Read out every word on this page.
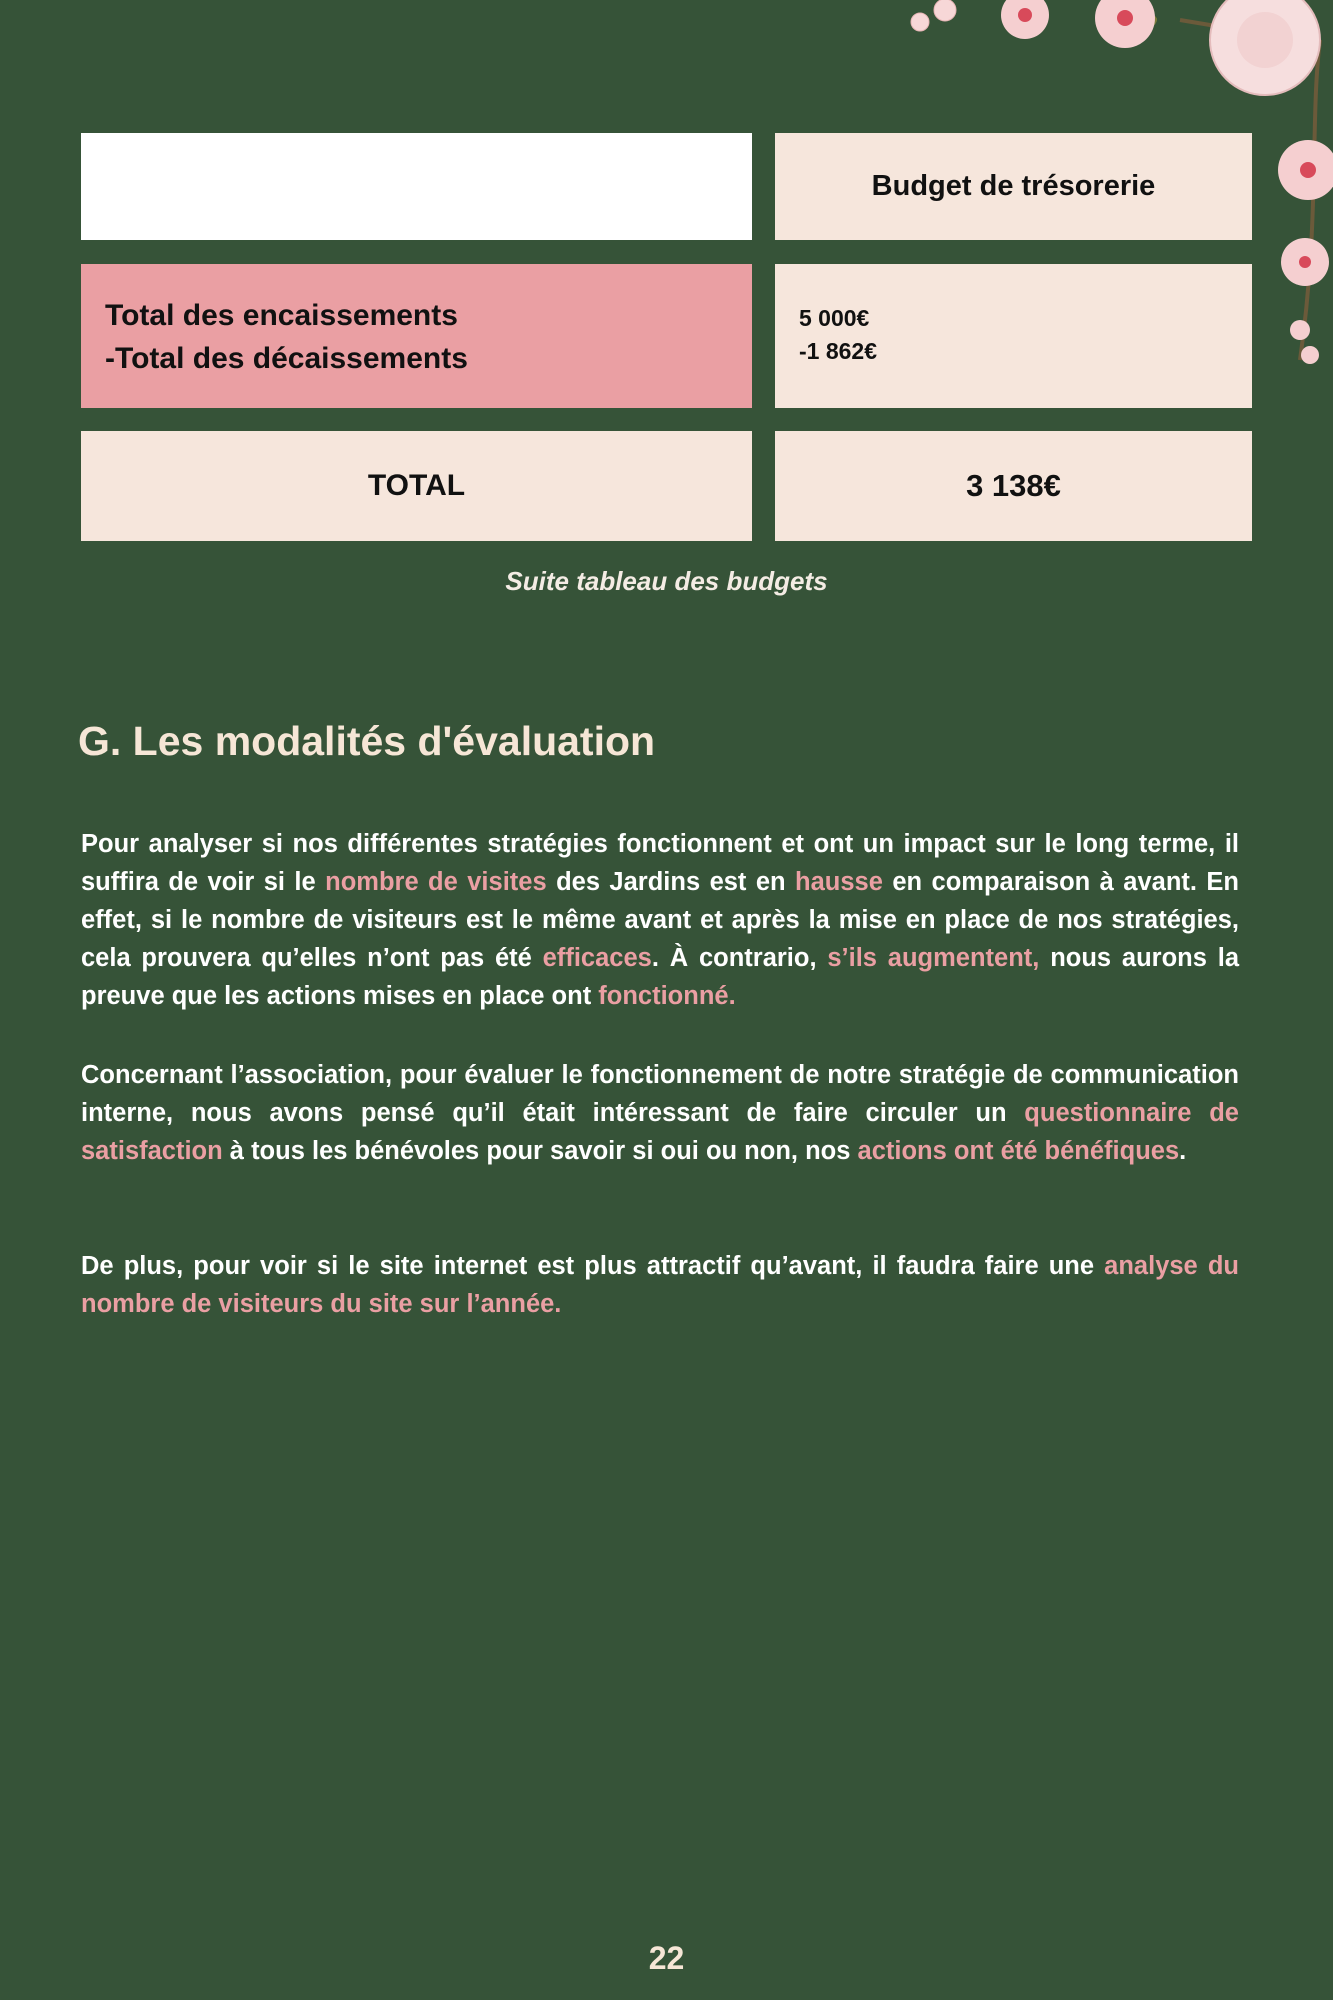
Budget de trésorerie
Total des encaissements
-Total des décaissements
5 000€
-1 862€
TOTAL	3 138€
Suite tableau des budgets
G. Les modalités d'évaluation

Pour analyser si nos différentes stratégies fonctionnent et ont un impact sur le long terme, il suffira de voir si le nombre de visites des Jardins est en hausse en comparaison à avant. En effet, si le nombre de visiteurs est le même avant et après la mise en place de nos stratégies, cela prouvera qu’elles n’ont pas été efficaces. À contrario, s’ils augmentent, nous aurons la preuve que les actions mises en place ont fonctionné.

Concernant l’association, pour évaluer le fonctionnement de notre stratégie de communication interne, nous avons pensé qu’il était intéressant de faire circuler un questionnaire de satisfaction à tous les bénévoles pour savoir si oui ou non, nos actions ont été bénéfiques.

De plus, pour voir si le site internet est plus attractif qu’avant, il faudra faire une analyse du nombre de visiteurs du site sur l’année.

22
